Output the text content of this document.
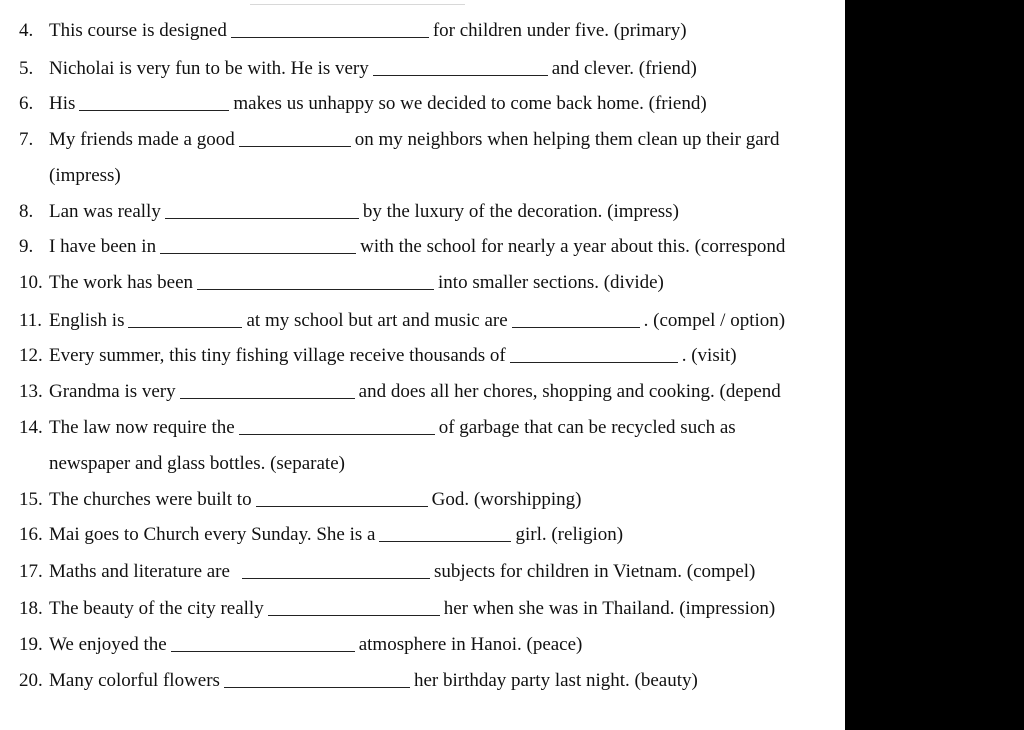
4. This course is designed	for children under five. (primary)
5. Nicholai is very fun to be with. He is very	and clever. (friend)
6. His	makes us unhappy so we decided to come back home. (friend)
7. My friends made a good	on my neighbors when helping them clean up their gard
(impress)
8. Lan was really	by the luxury of the decoration. (impress)
9. I have been in	with the school for nearly a year about this. (correspond
10. The work has been	into smaller sections. (divide)
11. English is	at my school but art and music are	. (compel / option)
12. Every summer, this tiny fishing village receive thousands of	. (visit)
13. Grandma is very	and does all her chores, shopping and cooking. (depend
14. The law now require the	of garbage that can be recycled such as
newspaper and glass bottles. (separate)
15. The churches were built to	God. (worshipping)
16. Mai goes to Church every Sunday. She is a	girl. (religion)
17. Maths and literature are	subjects for children in Vietnam. (compel)
18. The beauty of the city really	her when she was in Thailand. (impression)
19. We enjoyed the	atmosphere in Hanoi. (peace)
20. Many colorful flowers	her birthday party last night. (beauty)
